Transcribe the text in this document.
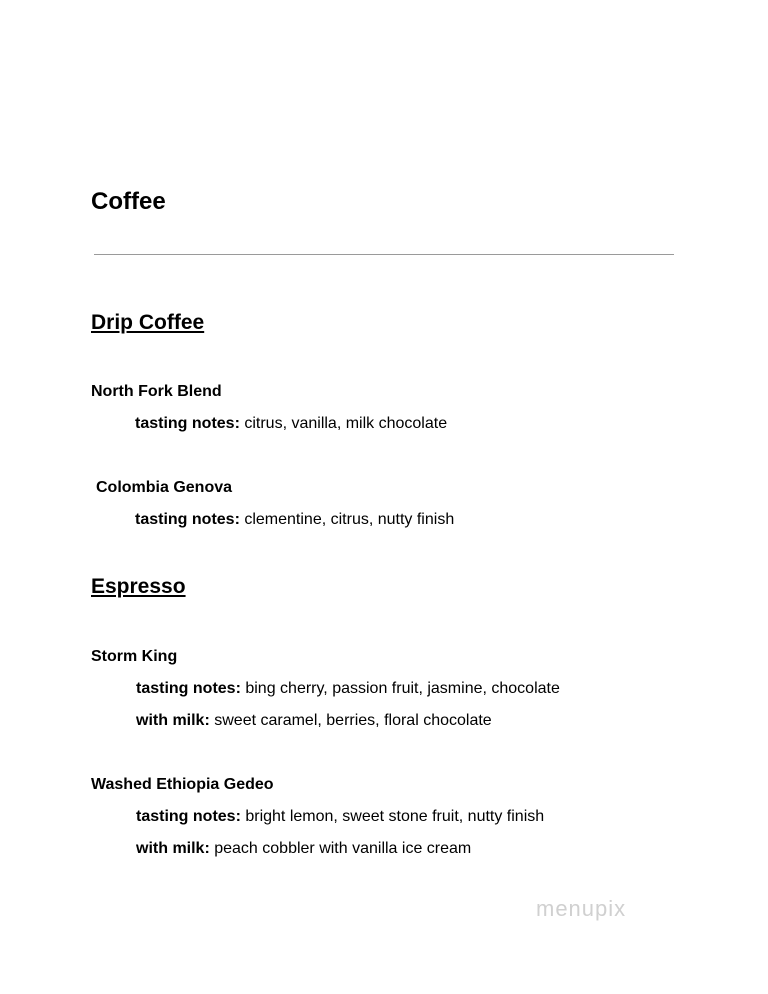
Coffee
Drip Coffee
North Fork Blend
tasting notes: citrus, vanilla, milk chocolate
Colombia Genova
tasting notes: clementine, citrus, nutty finish
Espresso
Storm King
tasting notes: bing cherry, passion fruit, jasmine, chocolate
with milk: sweet caramel, berries, floral chocolate
Washed Ethiopia Gedeo
tasting notes: bright lemon, sweet stone fruit, nutty finish
with milk: peach cobbler with vanilla ice cream
menupix
